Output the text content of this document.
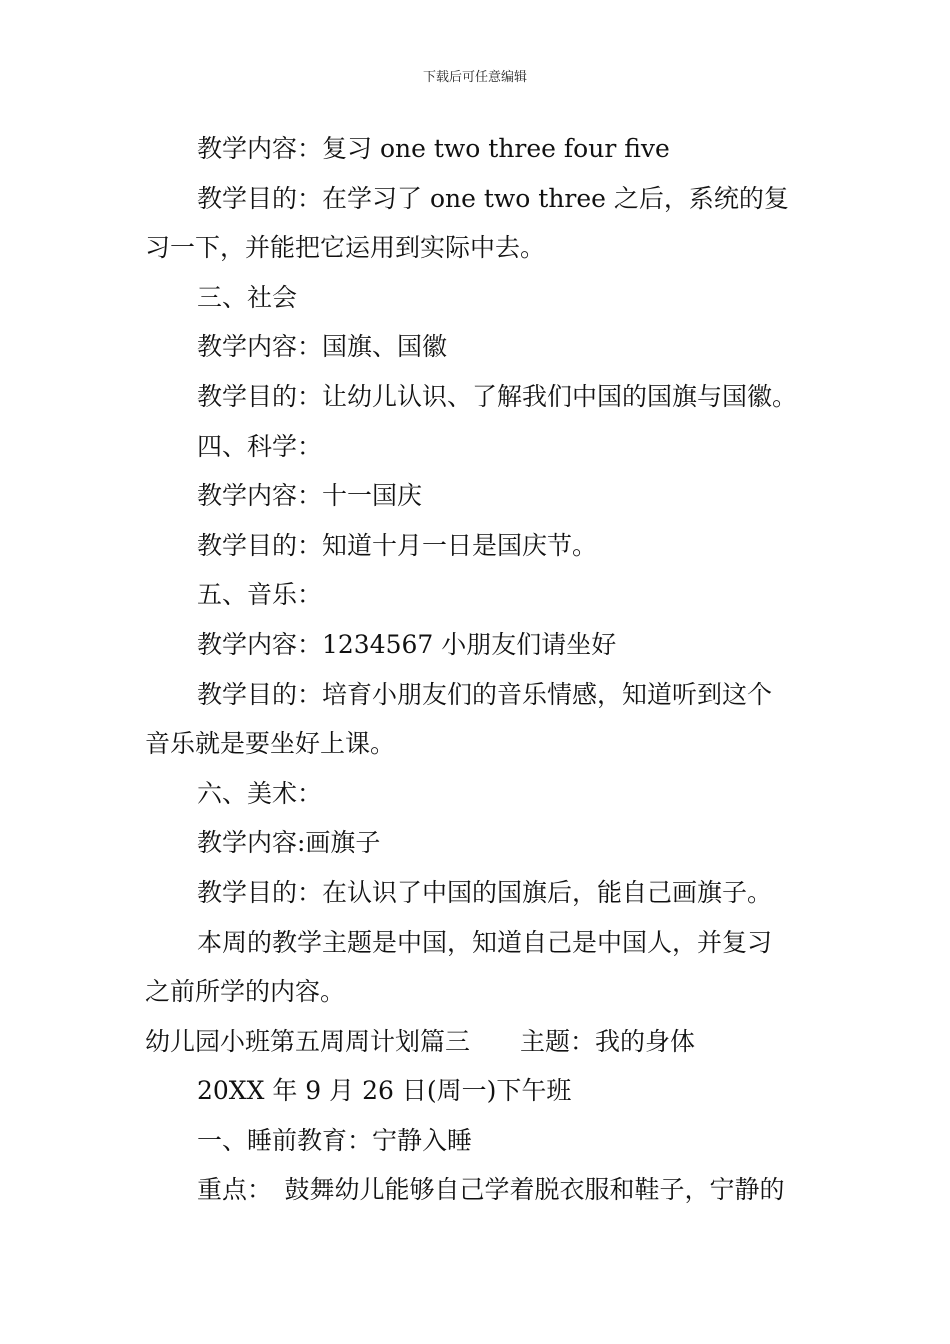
下载后可任意编辑
教学内容：复习 one two three four five
教学目的：在学习了 one two three 之后，系统的复
习一下，并能把它运用到实际中去。
三、社会
教学内容：国旗、国徽
教学目的：让幼儿认识、了解我们中国的国旗与国徽。
四、科学：
教学内容：十一国庆
教学目的：知道十月一日是国庆节。
五、音乐：
教学内容：1234567 小朋友们请坐好
教学目的：培育小朋友们的音乐情感，知道听到这个
音乐就是要坐好上课。
六、美术：
教学内容:画旗子
教学目的：在认识了中国的国旗后，能自己画旗子。
本周的教学主题是中国，知道自己是中国人，并复习
之前所学的内容。
幼儿园小班第五周周计划篇三　　主题：我的身体
20XX 年 9 月 26 日(周一)下午班
一、睡前教育：宁静入睡
重点：　鼓舞幼儿能够自己学着脱衣服和鞋子，宁静的
